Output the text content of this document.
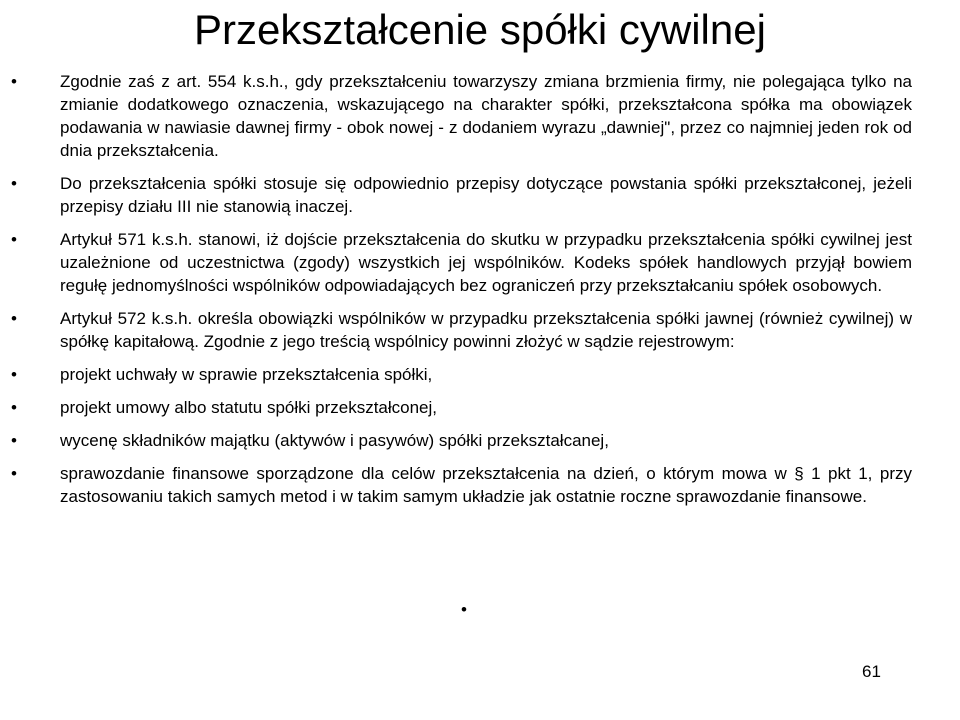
Przekształcenie spółki cywilnej
•	Zgodnie zaś z art. 554 k.s.h., gdy przekształceniu towarzyszy zmiana brzmienia firmy, nie polegająca tylko na zmianie dodatkowego oznaczenia, wskazującego na charakter spółki, przekształcona spółka ma obowiązek podawania w nawiasie dawnej firmy - obok nowej - z dodaniem wyrazu „dawniej", przez co najmniej jeden rok od dnia przekształcenia.
•	Do przekształcenia spółki stosuje się odpowiednio przepisy dotyczące powstania spółki przekształconej, jeżeli przepisy działu III nie stanowią inaczej.
•	Artykuł 571 k.s.h. stanowi, iż dojście przekształcenia do skutku w przypadku przekształcenia spółki cywilnej jest uzależnione od uczestnictwa (zgody) wszystkich jej wspólników. Kodeks spółek handlowych przyjął bowiem regułę jednomyślności wspólników odpowiadających bez ograniczeń przy przekształcaniu spółek osobowych.
•	Artykuł 572 k.s.h. określa obowiązki wspólników w przypadku przekształcenia spółki jawnej (również cywilnej) w spółkę kapitałową. Zgodnie z jego treścią wspólnicy powinni złożyć w sądzie rejestrowym:
•	projekt uchwały w sprawie przekształcenia spółki,
•	projekt umowy albo statutu spółki przekształconej,
•	wycenę składników majątku (aktywów i pasywów) spółki przekształcanej,
•	sprawozdanie finansowe sporządzone dla celów przekształcenia na dzień, o którym mowa w § 1 pkt 1, przy zastosowaniu takich samych metod i w takim samym układzie jak ostatnie roczne sprawozdanie finansowe.
•
61
